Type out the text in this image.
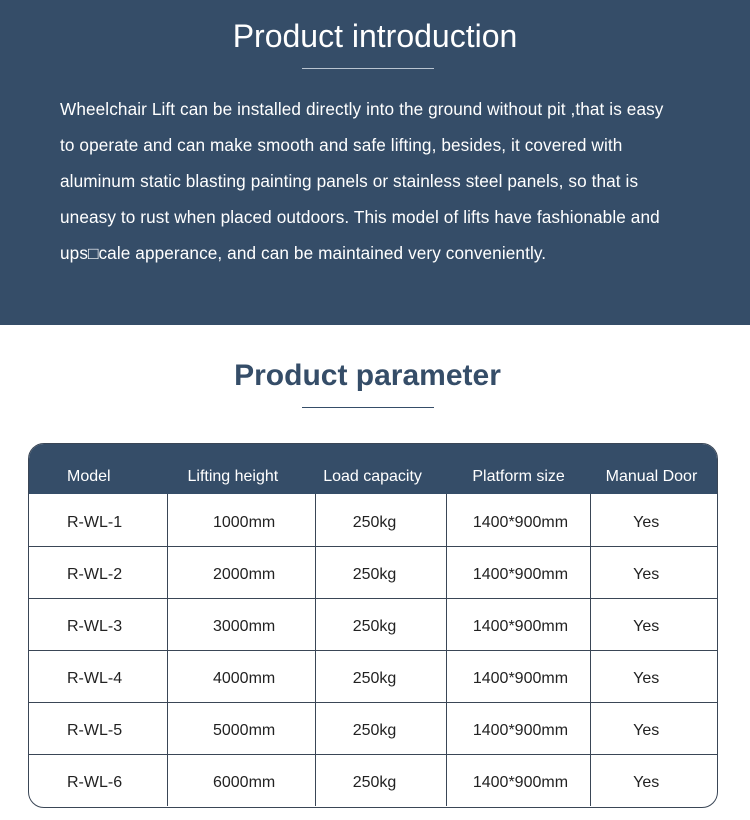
Product introduction

Wheelchair Lift can be installed directly into the ground without pit ,that is easy
to operate and can make smooth and safe lifting, besides, it covered with
aluminum static blasting painting panels or stainless steel panels, so that is
uneasy to rust when placed outdoors. This model of lifts have fashionable and
ups□cale apperance, and can be maintained very conveniently.

Product parameter
Model	Lifting height	Load capacity	Platform size	Manual Door
R-WL-1	1000mm	250kg	1400*900mm	Yes
R-WL-2	2000mm	250kg	1400*900mm	Yes
R-WL-3	3000mm	250kg	1400*900mm	Yes
R-WL-4	4000mm	250kg	1400*900mm	Yes
R-WL-5	5000mm	250kg	1400*900mm	Yes
R-WL-6	6000mm	250kg	1400*900mm	Yes
